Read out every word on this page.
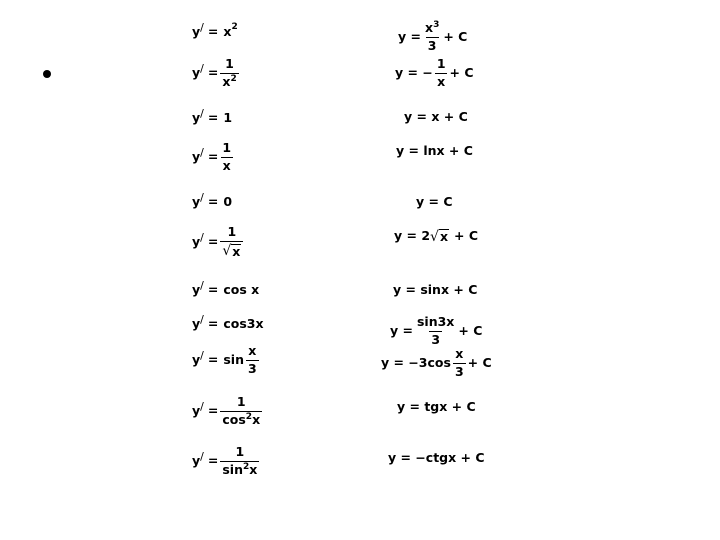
y / = x 2
y / = $\frac{1}{x2}$
y / = 1
y / = $\frac{1}{x}$
y / = 0
y / = $\frac{1}{√ x}$
y / = cos x
y / = cos3x
y / = $\sin \frac{x}{3}$
y / = $\frac{1}{\cos 2x}$
y / = $\frac{1}{\sin 2x}$
$y = \frac{x3}{3} + C$
y = − $\frac{1}{x} + C$
y = x + C
y = lnx + C
y = C
y = 2 √ x + C
y = sinx + C
$y = \frac{\sin 3x}{3} + C$
$y = -3\cos \frac{x}{3} + C$
y = tgx + C
y = −ctgx + C
